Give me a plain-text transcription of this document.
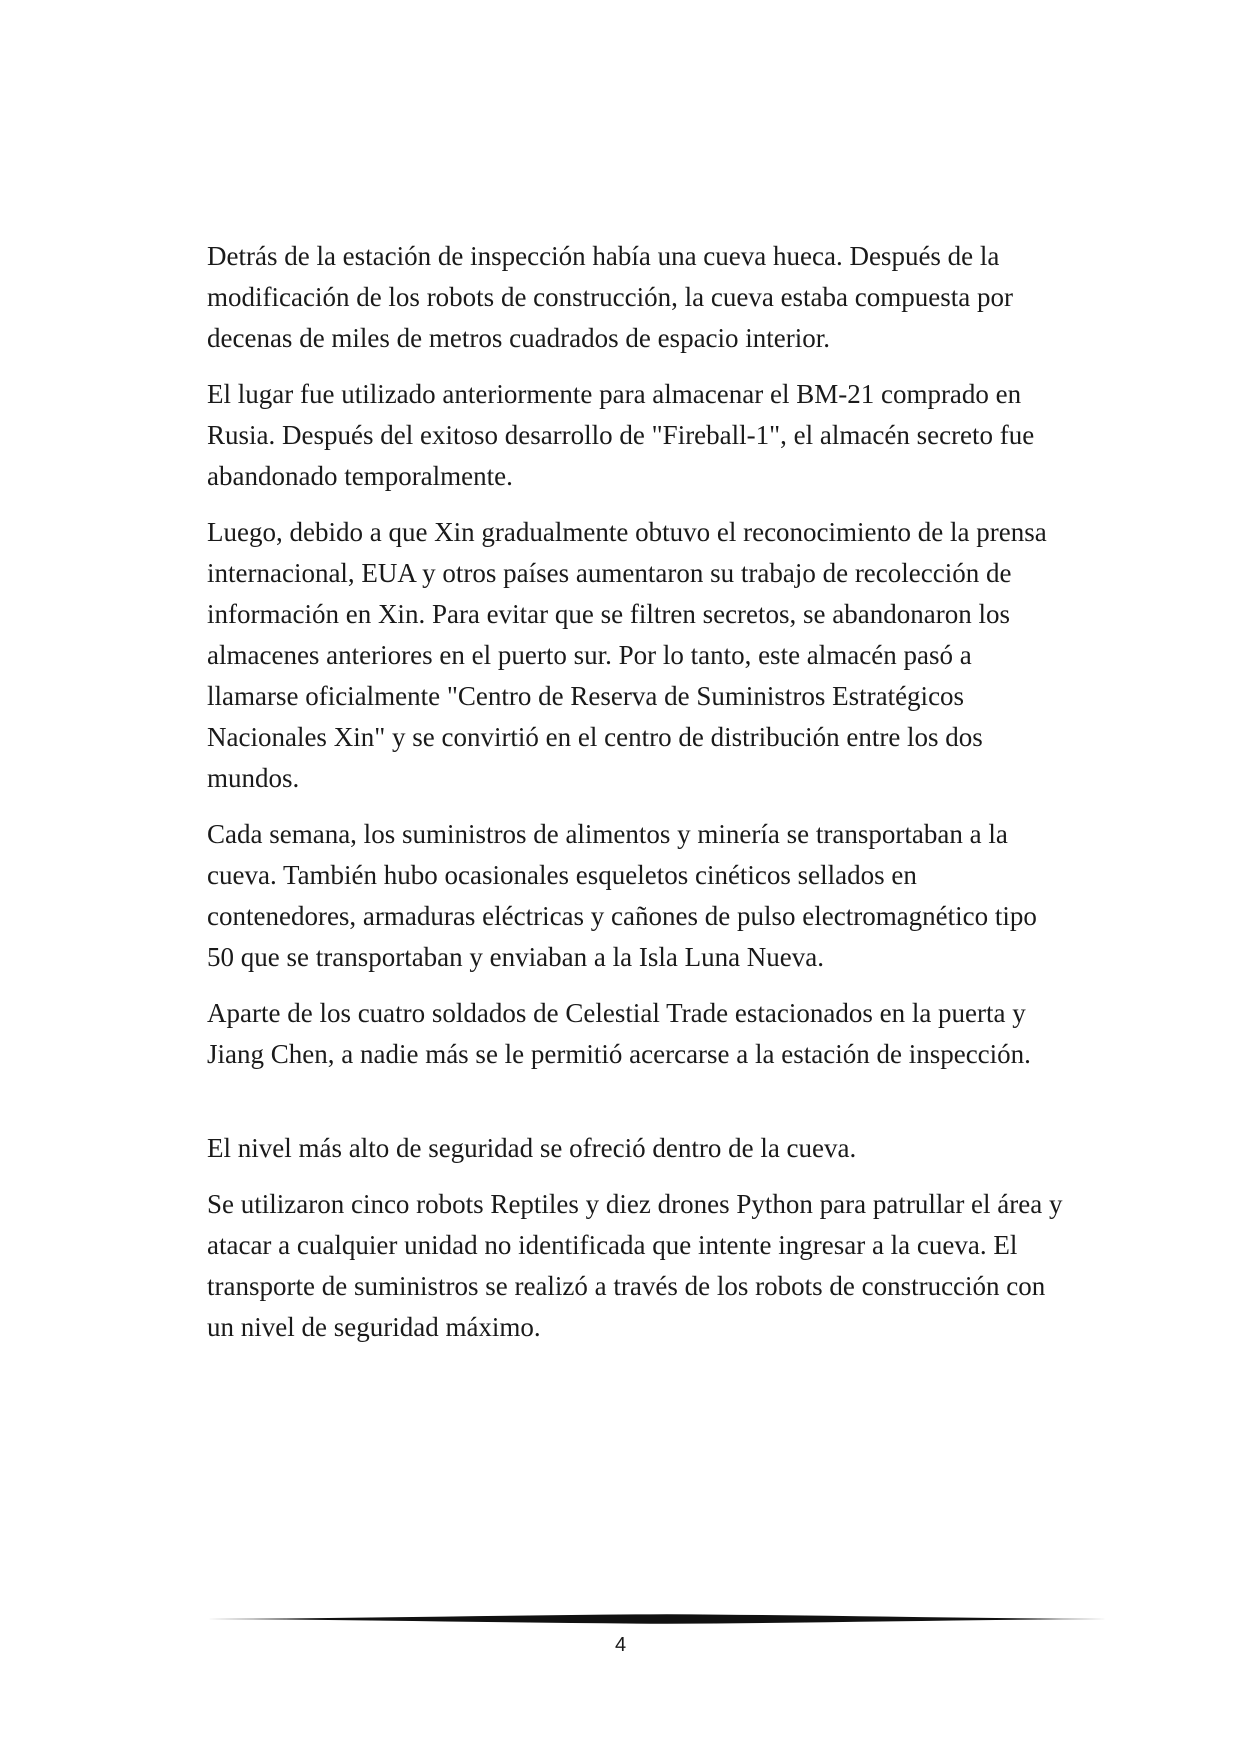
Detrás de la estación de inspección había una cueva hueca. Después de la modificación de los robots de construcción, la cueva estaba compuesta por decenas de miles de metros cuadrados de espacio interior.

El lugar fue utilizado anteriormente para almacenar el BM-21 comprado en Rusia. Después del exitoso desarrollo de "Fireball-1", el almacén secreto fue abandonado temporalmente.

Luego, debido a que Xin gradualmente obtuvo el reconocimiento de la prensa internacional, EUA y otros países aumentaron su trabajo de recolección de información en Xin. Para evitar que se filtren secretos, se abandonaron los almacenes anteriores en el puerto sur. Por lo tanto, este almacén pasó a llamarse oficialmente "Centro de Reserva de Suministros Estratégicos Nacionales Xin" y se convirtió en el centro de distribución entre los dos mundos.

Cada semana, los suministros de alimentos y minería se transportaban a la cueva. También hubo ocasionales esqueletos cinéticos sellados en contenedores, armaduras eléctricas y cañones de pulso electromagnético tipo 50 que se transportaban y enviaban a la Isla Luna Nueva.

Aparte de los cuatro soldados de Celestial Trade estacionados en la puerta y Jiang Chen, a nadie más se le permitió acercarse a la estación de inspección.

El nivel más alto de seguridad se ofreció dentro de la cueva.

Se utilizaron cinco robots Reptiles y diez drones Python para patrullar el área y atacar a cualquier unidad no identificada que intente ingresar a la cueva. El transporte de suministros se realizó a través de los robots de construcción con un nivel de seguridad máximo.

4
